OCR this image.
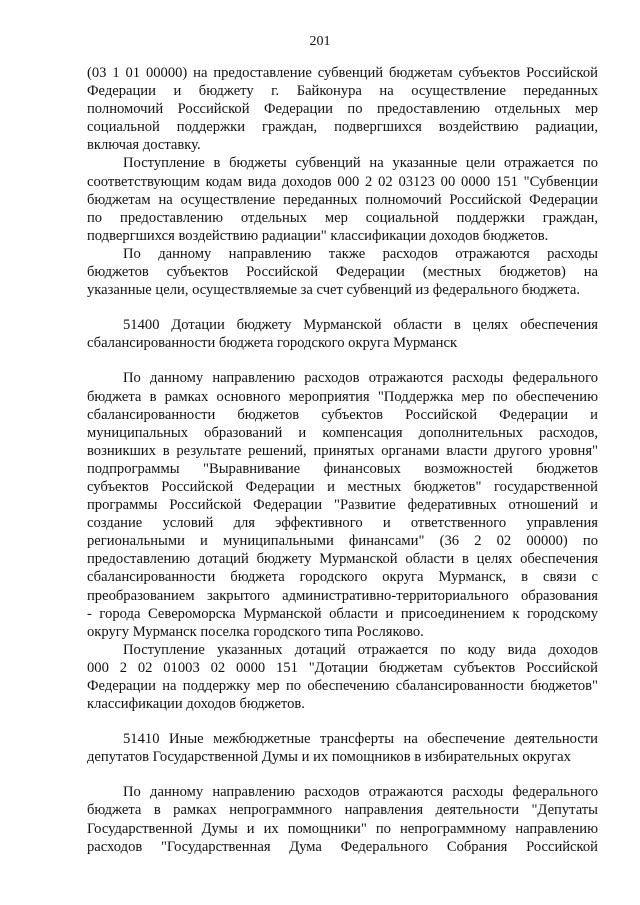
201
(03 1 01 00000) на предоставление субвенций бюджетам субъектов Российской
Федерации и бюджету г. Байконура на осуществление переданных
полномочий Российской Федерации по предоставлению отдельных мер
социальной поддержки граждан, подвергшихся воздействию радиации,
включая доставку.
Поступление в бюджеты субвенций на указанные цели отражается по
соответствующим кодам вида доходов 000 2 02 03123 00 0000 151 "Субвенции
бюджетам на осуществление переданных полномочий Российской Федерации
по предоставлению отдельных мер социальной поддержки граждан,
подвергшихся воздействию радиации" классификации доходов бюджетов.
По данному направлению также расходов отражаются расходы
бюджетов субъектов Российской Федерации (местных бюджетов) на
указанные цели, осуществляемые за счет субвенций из федерального бюджета.
51400 Дотации бюджету Мурманской области в целях обеспечения
сбалансированности бюджета городского округа Мурманск
По данному направлению расходов отражаются расходы федерального
бюджета в рамках основного мероприятия "Поддержка мер по обеспечению
сбалансированности бюджетов субъектов Российской Федерации и
муниципальных образований и компенсация дополнительных расходов,
возникших в результате решений, принятых органами власти другого уровня"
подпрограммы "Выравнивание финансовых возможностей бюджетов
субъектов Российской Федерации и местных бюджетов" государственной
программы Российской Федерации "Развитие федеративных отношений и
создание условий для эффективного и ответственного управления
региональными и муниципальными финансами" (36 2 02 00000) по
предоставлению дотаций бюджету Мурманской области в целях обеспечения
сбалансированности бюджета городского округа Мурманск, в связи с
преобразованием закрытого административно-территориального образования
- города Североморска Мурманской области и присоединением к городскому
округу Мурманск поселка городского типа Росляково.
Поступление указанных дотаций отражается по коду вида доходов
000 2 02 01003 02 0000 151 "Дотации бюджетам субъектов Российской
Федерации на поддержку мер по обеспечению сбалансированности бюджетов"
классификации доходов бюджетов.
51410 Иные межбюджетные трансферты на обеспечение деятельности
депутатов Государственной Думы и их помощников в избирательных округах
По данному направлению расходов отражаются расходы федерального
бюджета в рамках непрограммного направления деятельности "Депутаты
Государственной Думы и их помощники" по непрограммному направлению
расходов "Государственная Дума Федерального Собрания Российской
